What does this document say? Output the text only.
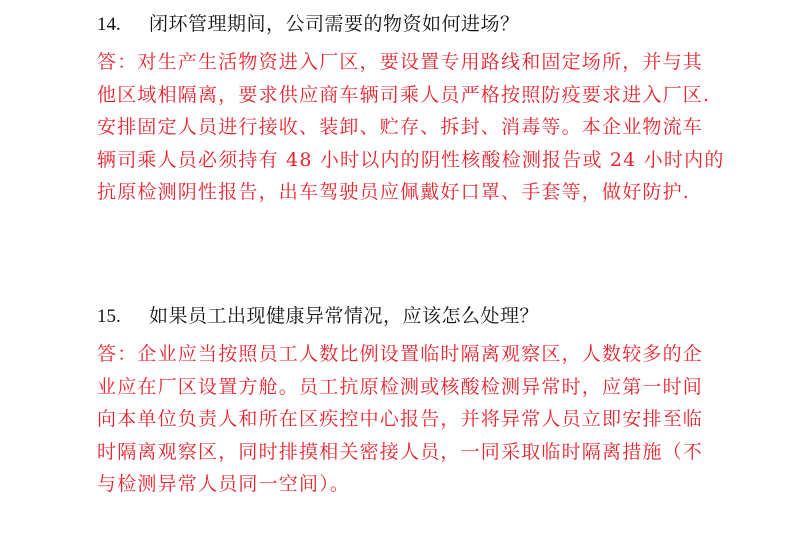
14.	闭环管理期间，公司需要的物资如何进场？
答：对生产生活物资进入厂区，要设置专用路线和固定场所，并与其
他区域相隔离，要求供应商车辆司乘人员严格按照防疫要求进入厂区.
安排固定人员进行接收、装卸、贮存、拆封、消毒等。本企业物流车
辆司乘人员必须持有 48 小时以内的阴性核酸检测报告或 24 小时内的
抗原检测阴性报告，出车驾驶员应佩戴好口罩、手套等，做好防护.
15.	如果员工出现健康异常情况，应该怎么处理？
答：企业应当按照员工人数比例设置临时隔离观察区，人数较多的企
业应在厂区设置方舱。员工抗原检测或核酸检测异常时，应第一时间
向本单位负责人和所在区疾控中心报告，并将异常人员立即安排至临
时隔离观察区，同时排摸相关密接人员，一同采取临时隔离措施（不
与检测异常人员同一空间）。
